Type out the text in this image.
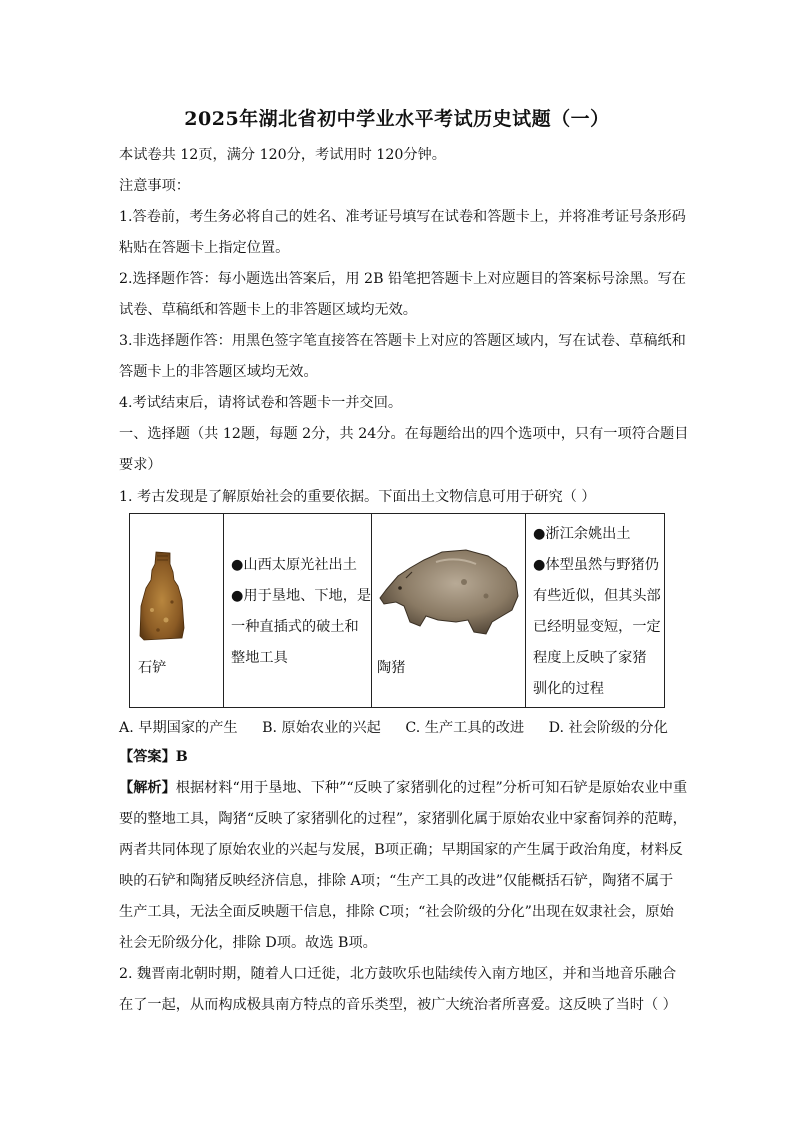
2025年湖北省初中学业水平考试历史试题（一）
本试卷共 12页，满分 120分，考试用时 120分钟。
注意事项：
1.答卷前，考生务必将自己的姓名、准考证号填写在试卷和答题卡上，并将准考证号条形码
粘贴在答题卡上指定位置。
2.选择题作答：每小题选出答案后，用 2B 铅笔把答题卡上对应题目的答案标号涂黑。写在
试卷、草稿纸和答题卡上的非答题区域均无效。
3.非选择题作答：用黑色签字笔直接答在答题卡上对应的答题区域内，写在试卷、草稿纸和
答题卡上的非答题区域均无效。
4.考试结束后，请将试卷和答题卡一并交回。
一、选择题（共 12题，每题 2分，共 24分。在每题给出的四个选项中，只有一项符合题目
要求）
1. 考古发现是了解原始社会的重要依据。下面出土文物信息可用于研究（ ）
石铲
●山西太原光社出土
●用于垦地、下地，是
一种直插式的破土和
整地工具
陶猪
●浙江余姚出土
●体型虽然与野猪仍
有些近似，但其头部
已经明显变短，一定
程度上反映了家猪
驯化的过程
A. 早期国家的产生 B. 原始农业的兴起 C. 生产工具的改进 D. 社会阶级的分化
【答案】B
【解析】根据材料“用于垦地、下种”“反映了家猪驯化的过程”分析可知石铲是原始农业中重
要的整地工具，陶猪“反映了家猪驯化的过程”，家猪驯化属于原始农业中家畜饲养的范畴，
两者共同体现了原始农业的兴起与发展，B项正确；早期国家的产生属于政治角度，材料反
映的石铲和陶猪反映经济信息，排除 A项；“生产工具的改进”仅能概括石铲，陶猪不属于
生产工具，无法全面反映题干信息，排除 C项；“社会阶级的分化”出现在奴隶社会，原始
社会无阶级分化，排除 D项。故选 B项。
2. 魏晋南北朝时期，随着人口迁徙，北方鼓吹乐也陆续传入南方地区，并和当地音乐融合
在了一起，从而构成极具南方特点的音乐类型，被广大统治者所喜爱。这反映了当时（ ）
